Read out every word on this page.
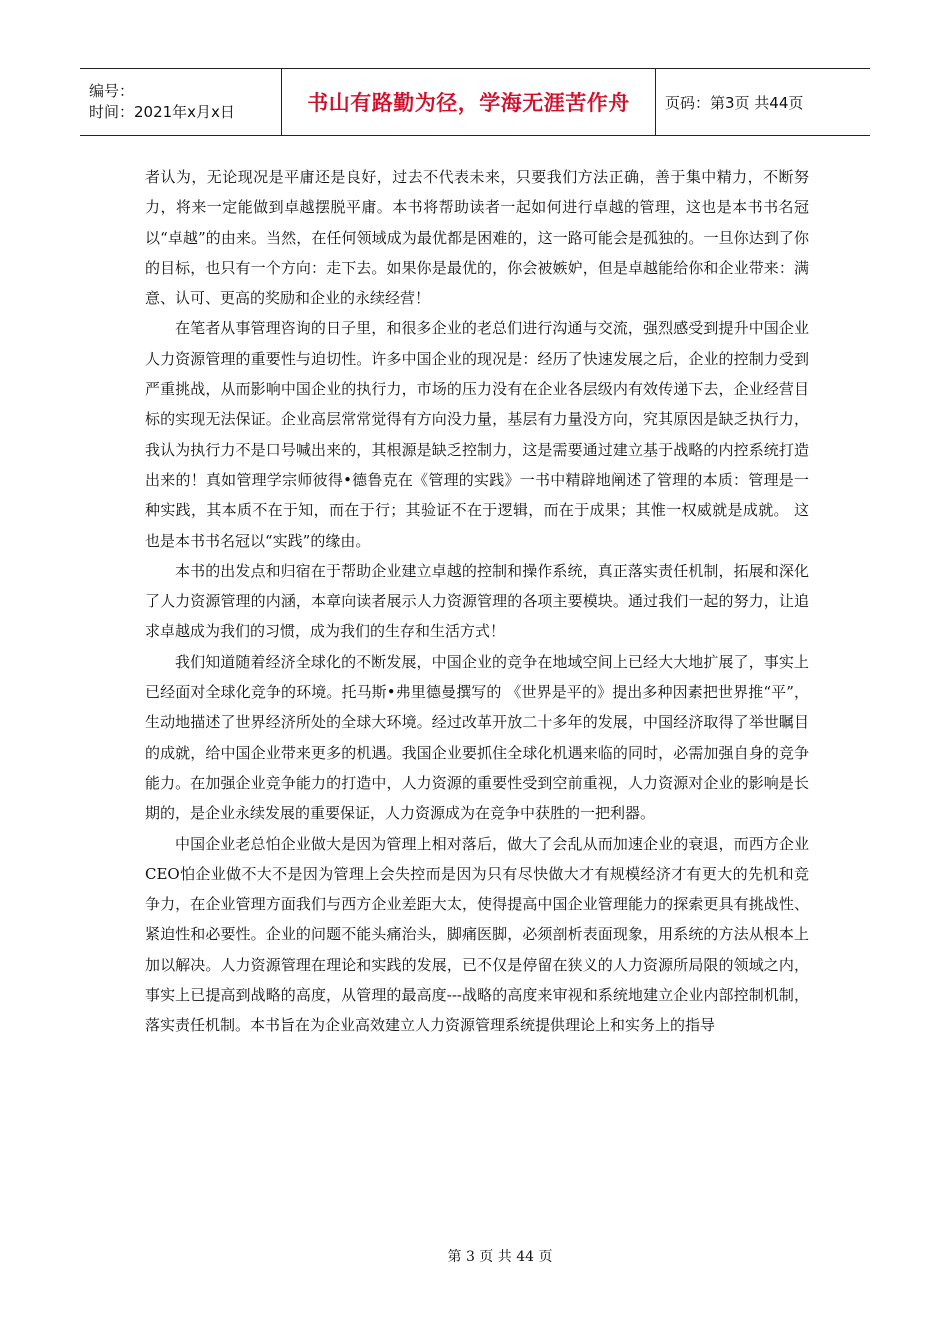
编号：
时间：2021年x月x日	书山有路勤为径，学海无涯苦作舟	页码：第3页 共44页

者认为，无论现况是平庸还是良好，过去不代表未来，只要我们方法正确，善于集中精力，不断努力，将来一定能做到卓越摆脱平庸。本书将帮助读者一起如何进行卓越的管理，这也是本书书名冠以“卓越”的由来。当然，在任何领域成为最优都是困难的，这一路可能会是孤独的。一旦你达到了你的目标，也只有一个方向：走下去。如果你是最优的，你会被嫉妒，但是卓越能给你和企业带来：满意、认可、更高的奖励和企业的永续经营！

在笔者从事管理咨询的日子里，和很多企业的老总们进行沟通与交流，强烈感受到提升中国企业人力资源管理的重要性与迫切性。许多中国企业的现况是：经历了快速发展之后，企业的控制力受到严重挑战，从而影响中国企业的执行力，市场的压力没有在企业各层级内有效传递下去，企业经营目标的实现无法保证。企业高层常常觉得有方向没力量，基层有力量没方向，究其原因是缺乏执行力，我认为执行力不是口号喊出来的，其根源是缺乏控制力，这是需要通过建立基于战略的内控系统打造出来的！真如管理学宗师彼得•德鲁克在《管理的实践》一书中精辟地阐述了管理的本质：管理是一种实践，其本质不在于知，而在于行；其验证不在于逻辑，而在于成果；其惟一权威就是成就。 这也是本书书名冠以“实践”的缘由。

本书的出发点和归宿在于帮助企业建立卓越的控制和操作系统，真正落实责任机制，拓展和深化了人力资源管理的内涵，本章向读者展示人力资源管理的各项主要模块。通过我们一起的努力，让追求卓越成为我们的习惯，成为我们的生存和生活方式！

我们知道随着经济全球化的不断发展，中国企业的竞争在地域空间上已经大大地扩展了，事实上已经面对全球化竞争的环境。托马斯•弗里德曼撰写的 《世界是平的》提出多种因素把世界推“平”，生动地描述了世界经济所处的全球大环境。经过改革开放二十多年的发展，中国经济取得了举世瞩目的成就，给中国企业带来更多的机遇。我国企业要抓住全球化机遇来临的同时，必需加强自身的竞争能力。在加强企业竞争能力的打造中，人力资源的重要性受到空前重视，人力资源对企业的影响是长期的，是企业永续发展的重要保证，人力资源成为在竞争中获胜的一把利器。

中国企业老总怕企业做大是因为管理上相对落后，做大了会乱从而加速企业的衰退，而西方企业CEO怕企业做不大不是因为管理上会失控而是因为只有尽快做大才有规模经济才有更大的先机和竞争力，在企业管理方面我们与西方企业差距大太，使得提高中国企业管理能力的探索更具有挑战性、紧迫性和必要性。企业的问题不能头痛治头，脚痛医脚，必须剖析表面现象，用系统的方法从根本上加以解决。人力资源管理在理论和实践的发展，已不仅是停留在狭义的人力资源所局限的领域之内，事实上已提高到战略的高度，从管理的最高度---战略的高度来审视和系统地建立企业内部控制机制，落实责任机制。本书旨在为企业高效建立人力资源管理系统提供理论上和实务上的指导

第 3 页 共 44 页
